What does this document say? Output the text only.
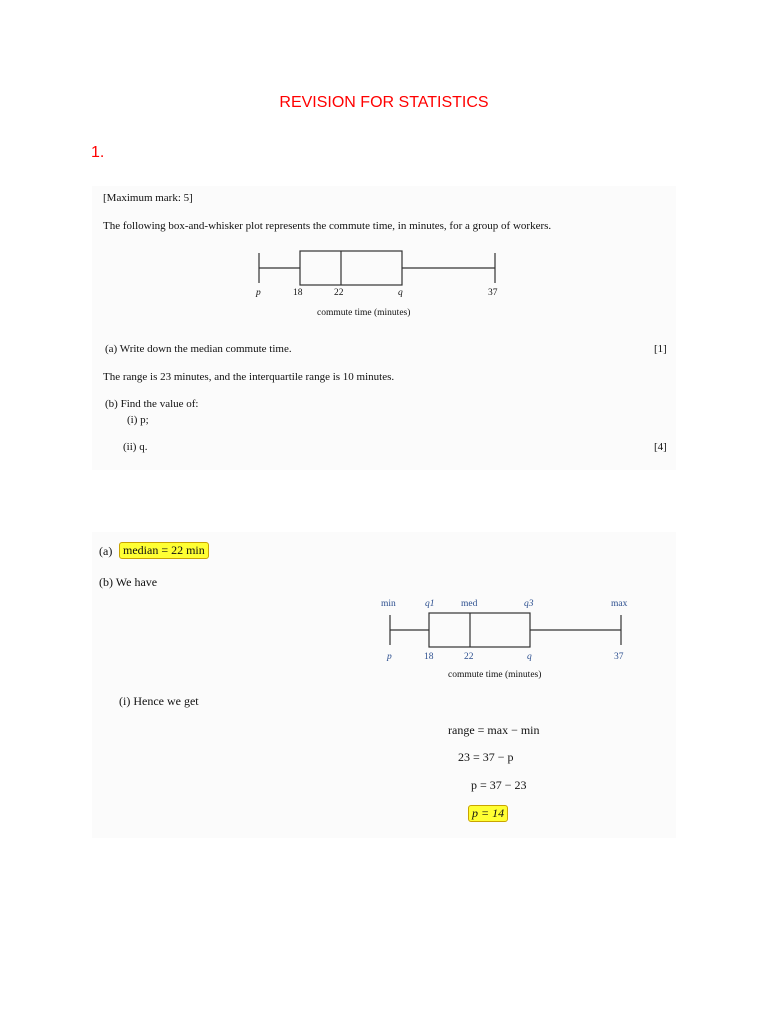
REVISION FOR STATISTICS
1.
[Maximum mark: 5]
The following box-and-whisker plot represents the commute time, in minutes, for a group of workers.
p	18	22	q	37
commute time (minutes)
(a) Write down the median commute time.	[1]
The range is 23 minutes, and the interquartile range is 10 minutes.
(b) Find the value of:
(i) p;
(ii) q.	[4]
(a) median = 22 min
(b) We have
min	q1	med	q3	max
p	18	22	q	37
commute time (minutes)
(i) Hence we get
range = max − min
23 = 37 − p
p = 37 − 23
p = 14
